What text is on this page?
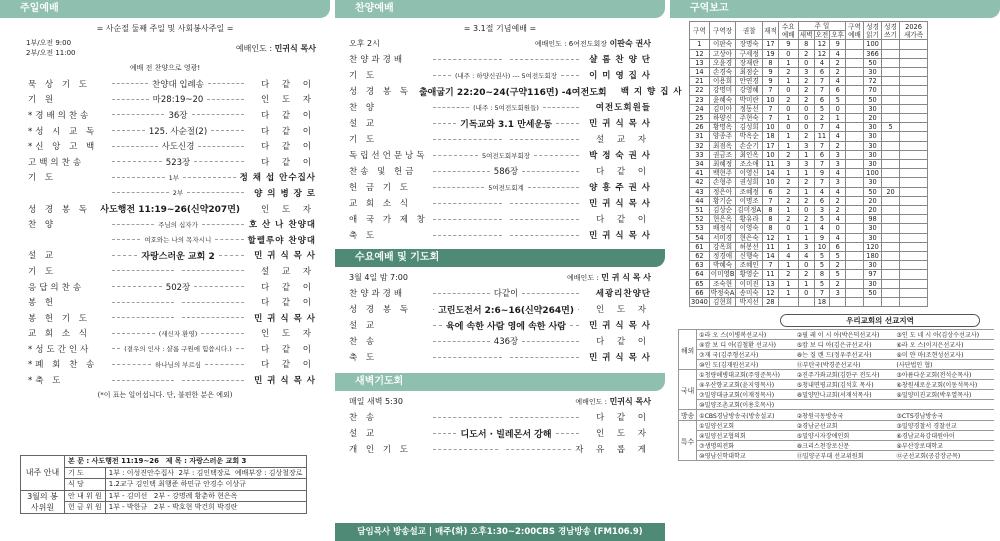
주일예배
= 사순절 둘째 주일 및 사회봉사주일 =
1부/오전 9:00
2부/오전 11:00
예배인도 : 민귀식 목사
예배 전 찬양으로 영광!
묵 상 기 도	찬양대 입례송	다 같 이
기 원	마28:19~20	인 도 자
*경배의찬송	36장	다 같 이
*성 시 교 독	125. 사순절(2)	다 같 이
*신 앙 고 백	사도신경	다 같 이
고백의찬송	523장	다 같 이
기 도	1부	정 채 섭 안수집사
2부	양 의 병 장 로
성 경 봉 독 사도행전 11:19~26(신약207면)	인 도 자
찬 양	주님의 십자가	호 산 나 찬양대
여호와는 나의 목자시니	할렐루야 찬양대
설 교	자랑스러운 교회 2	민 귀 식 목 사
기 도	설 교 자
응답의찬송	502장	다 같 이
봉 헌	다 같 이
봉 헌 기 도	민 귀 식 목 사
교 회 소 식	(새신자 환영)	인 도 자
*성도간인사	(곁우의 인사 : 샬롬 구원에 힘씁시다.)	다 같 이
*폐 회 찬 송	하나님의 부르심	다 같 이
*축 도	민 귀 식 목 사
(*이 표는 일어섭니다. 단, 불편한 분은 예외)
내주 안내	본 문 : 사도행전 11:19~26 제 목 : 자랑스러운 교회 3	
	기 도	1부 : 이성진안수집사 2부 : 김인택장로 예배부장 : 김상철장로
	식 당	1.2교구 김인택 최행준 하민규 안경수 이상규
3월의 봉사위원	안 내 위 원	1부 - 김미선 2부 - 강명례 황춘하 현은옥
	헌 금 위 원	1부 - 박한규 2부 - 박호현 박건희 박경란
찬양예배
= 3.1절 기념예배 =
오후 2시	예배인도 : 6여전도회장 이판숙 권사
찬양과경배	샬 롬 찬 양 단
기 도	(내주 : 하양신권사) --- 5여전도회장	이 미 영 집 사
성 경 봉 독 출애굽기 22:20~24(구약116면) -4여전도회	백 지 향 집 사
찬 양	(내주 : 5여전도회원들)	여전도회원들
설 교	기독교와 3.1 만세운동	민 귀 식 목 사
기 도	설 교 자
독립선언문낭독	5여전도회부회장	박 정 숙 권 사
찬송 및 헌금	586장	다 같 이
헌 금 기 도	5여전도회계	양 흥 주 권 사
교 회 소 식	민 귀 식 목 사
애 국 가 제 창	다 같 이
축 도	민 귀 식 목 사
수요예배 및 기도회
3월 4일 밤 7:00	예배인도 : 민 귀 식 목 사
찬양과경배	다같이	세광리찬양단
성 경 봉 독	고린도전서 2:6~16(신약264면)	인 도 자
설 교	육에 속한 사람 영에 속한 사람	민 귀 식 목 사
찬 송	436장	다 같 이
축 도	민 귀 식 목 사
새벽기도회
매일 새벽 5:30	예배인도 : 민귀식 목사
찬 송	다 같 이
설 교	디도서 · 빌레몬서 강해	인 도 자
개 인 기 도	자 유 롭 게
담임목사 방송설교 | 매주(화) 오후1:30~2:00CBS 경남방송 (FM106.9)
구역보고
구역	구역장	권찰	재적	수요예배	주 일			구역예배	성경읽기	성경쓰기	2026 새가족
					새벽	오전	오후				
1	이판숙	장명숙	17	9	8	12	9		100		
12	고상아	구세정	19	0	2	12	4		366		
13	오윤경	장재란	8	1	0	4	2		50		
14	손경숙	최점순	9	2	3	6	2		30		
21	이용희	안연경	9	1	2	7	4		72		
22	강명미	강영혜	7	0	2	7	6		70		
23	윤혜숙	박미란	10	2	2	6	5		50		
24	김미아	정동선	7	0	0	5	0		30		
25	하양신	주현숙	7	1	0	2	1		20		
26	황명옥	김성희	10	0	0	7	4		30	5	
31	양종주	박옥순	18	1	2	11	4		30		
32	최점옥	손순기	17	1	3	7	2		30		
33	권금조	최인옥	10	2	1	6	3		30		
34	최혜정	조소애	11	3	3	7	3		30		
41	백현주	이영신	14	1	1	9	4		100		
42	손형주	권성희	10	2	2	7	3		30		
43	정은아	조혜정	6	2	1	4	4		50	20	
44	황기순	이명조	7	2	2	6	2		20		
51	김상순	김미정A	8	1	0	3	2		20		
52	현은옥	황유라	8	2	2	5	4		98		
53	배정식	이영숙	8	0	1	4	0		30		
54	서미경	현은숙	12	1	1	9	4		30		
61	강옥희	허봉선	11	1	3	10	6		120		
62	정경애	신행숙	14	4	4	5	5		180		
63	박혜숙	조혜인	7	1	0	5	2		30		
64	이미영B	황영순	11	2	2	8	5		97		
65	조숙현	이미진	13	1	1	5	2		30		
66	박정숙A	송미숙	12	1	0	7	3		50		
3040	김현희	박지선	28			18					
우리교회의 선교지역
해외	①라 오 스(이병복선교사)	②필 레 이 시 아(박은덕선교사)	③인 도 네 시 아(김상수선교사)
	④캄 보 디 아(김철환 선교사)	⑤캄 보 디 아(김은규선교사)	⑥라 오 스(이지은선교사)
	⑦재 국(김주형선교사)	⑧는 질 랜 드(정우주선교사)	⑨미 얀 마(조현성선교사)
	⑩인 도(김재원선교사)	⑪부탄국(박경준선교사)	(사단법인 협)
국내	①청량해병대교회(주영준목사)	②진주가좌교회(김한구 전도사)	③아름다운교회(전석순목사)
	④우산향교교회(윤지영목사)	⑤청내면평교회(김석호 목사)	⑥창원새로운교회(이동석목사)
	⑦밀양대금교회(이재정목사)	⑧밀양만나교회(서재석목사)	⑨밀양미진교회(박우열목사)
	⑩밀양조촌교회(이용호목사)		
방송	①CBS경남방송국(방송설교)	②창원극동방송국	③CTS경남방송국
특수	①밀양선교회	②경남군선교회	③밀양경찰서 경찰선교
	④밀양선교협의회	⑤밀양시자장애인회	⑥경남교육강대원아이
	⑦생명의전화	⑧크리스천장로신문	⑨부산장로대학교
	⑩영남신학대학교	⑪밀양군부대 선교위원회	⑫군선교회(공감장군목)
